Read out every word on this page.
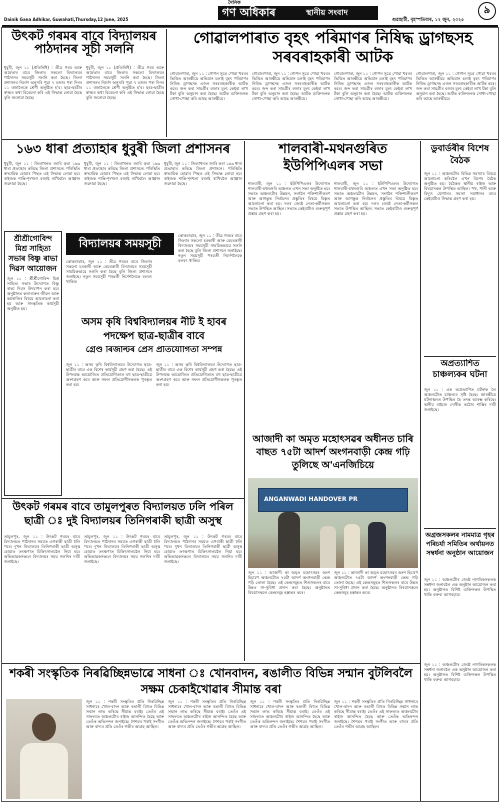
দৈনিক
গণ অধিকাৰ	স্থানীয় সংবাদ	৯
Dainik Gana Adhikar, Guwahati,Thursday,12 June, 2025	গুৱাহাটী, বৃহস্পতিবাৰ, ১২ জুন, ২০২৫
উৎকট গৰমৰ বাবে বিদ্যালয়ৰ পাঠদানৰ সূচী সলনি
ধুবুৰী, জুন ১১ (প্ৰতিনিধি) : তীব্ৰ গৰম আৰু আৰ্দ্ৰতাৰ বাবে জিলাৰ সকলো বিদ্যালয়ৰ পাঠদানৰ সময়সূচী সলনি কৰা হৈছে। জিলা প্ৰশাসনৰ নিৰ্দেশ অনুসৰি পুৱা ৭ বজাৰ পৰা দিনৰ ১১ বজালৈকে শ্ৰেণী অনুষ্ঠিত হ'ব। ছাত্ৰ-ছাত্ৰীৰ স্বাস্থ্যৰ কথা বিবেচনা কৰি এই সিদ্ধান্ত লোৱা হৈছে বুলি জনোৱা হৈছে।
ধুবুৰী, জুন ১১ (প্ৰতিনিধি) : তীব্ৰ গৰম আৰু আৰ্দ্ৰতাৰ বাবে জিলাৰ সকলো বিদ্যালয়ৰ পাঠদানৰ সময়সূচী সলনি কৰা হৈছে। জিলা প্ৰশাসনৰ নিৰ্দেশ অনুসৰি পুৱা ৭ বজাৰ পৰা দিনৰ ১১ বজালৈকে শ্ৰেণী অনুষ্ঠিত হ'ব। ছাত্ৰ-ছাত্ৰীৰ স্বাস্থ্যৰ কথা বিবেচনা কৰি এই সিদ্ধান্ত লোৱা হৈছে বুলি জনোৱা হৈছে।
গোৱালপাৰাত বৃহৎ পৰিমাণৰ নিষিদ্ধ ড্ৰাগছসহ সৰবৰাহকাৰী আটক
গোৱালপাৰা, জুন ১১ : গোপন সূত্ৰে পোৱা খবৰৰ ভিত্তিত আৰক্ষীয়ে অভিযান চলাই বৃহৎ পৰিমাণৰ নিষিদ্ধ ড্ৰাগছসহ এজন সৰবৰাহকাৰীক আটক কৰে। জব্দ কৰা সামগ্ৰীৰ বজাৰ মূল্য কেইবা লাখ টকা বুলি অনুমান কৰা হৈছে। আটক ব্যক্তিজনক সোধা-পোছা কৰি আছে আৰক্ষীয়ে।
গোৱালপাৰা, জুন ১১ : গোপন সূত্ৰে পোৱা খবৰৰ ভিত্তিত আৰক্ষীয়ে অভিযান চলাই বৃহৎ পৰিমাণৰ নিষিদ্ধ ড্ৰাগছসহ এজন সৰবৰাহকাৰীক আটক কৰে। জব্দ কৰা সামগ্ৰীৰ বজাৰ মূল্য কেইবা লাখ টকা বুলি অনুমান কৰা হৈছে। আটক ব্যক্তিজনক সোধা-পোছা কৰি আছে আৰক্ষীয়ে।
গোৱালপাৰা, জুন ১১ : গোপন সূত্ৰে পোৱা খবৰৰ ভিত্তিত আৰক্ষীয়ে অভিযান চলাই বৃহৎ পৰিমাণৰ নিষিদ্ধ ড্ৰাগছসহ এজন সৰবৰাহকাৰীক আটক কৰে। জব্দ কৰা সামগ্ৰীৰ বজাৰ মূল্য কেইবা লাখ টকা বুলি অনুমান কৰা হৈছে। আটক ব্যক্তিজনক সোধা-পোছা কৰি আছে আৰক্ষীয়ে।
গোৱালপাৰা, জুন ১১ : গোপন সূত্ৰে পোৱা খবৰৰ ভিত্তিত আৰক্ষীয়ে অভিযান চলাই বৃহৎ পৰিমাণৰ নিষিদ্ধ ড্ৰাগছসহ এজন সৰবৰাহকাৰীক আটক কৰে। জব্দ কৰা সামগ্ৰীৰ বজাৰ মূল্য কেইবা লাখ টকা বুলি অনুমান কৰা হৈছে। আটক ব্যক্তিজনক সোধা-পোছা কৰি আছে আৰক্ষীয়ে।
১৬৩ ধাৰা প্ৰত্যাহাৰ ধুবুৰী জিলা প্ৰশাসনৰ
ধুবুৰী, জুন ১১ : জিলাখনত জাৰি কৰা ১৬৩ ধাৰা প্ৰত্যাহাৰ কৰিছে জিলা প্ৰশাসনে। পৰিস্থিতি স্বাভাৱিক হোৱাৰ পিছত এই সিদ্ধান্ত লোৱা হয়। ৰাইজক শান্তি-শৃংখলা বজাই ৰাখিবলৈ আহ্বান জনোৱা হৈছে।
ধুবুৰী, জুন ১১ : জিলাখনত জাৰি কৰা ১৬৩ ধাৰা প্ৰত্যাহাৰ কৰিছে জিলা প্ৰশাসনে। পৰিস্থিতি স্বাভাৱিক হোৱাৰ পিছত এই সিদ্ধান্ত লোৱা হয়। ৰাইজক শান্তি-শৃংখলা বজাই ৰাখিবলৈ আহ্বান জনোৱা হৈছে।
ধুবুৰী, জুন ১১ : জিলাখনত জাৰি কৰা ১৬৩ ধাৰা প্ৰত্যাহাৰ কৰিছে জিলা প্ৰশাসনে। পৰিস্থিতি স্বাভাৱিক হোৱাৰ পিছত এই সিদ্ধান্ত লোৱা হয়। ৰাইজক শান্তি-শৃংখলা বজাই ৰাখিবলৈ আহ্বান জনোৱা হৈছে।
শালবাৰী-মথনগুৰিত ইউপিপিএলৰ সভা
শালবাৰী, জুন ১১ : ইউপিপিএলৰ উদ্যোগত শালবাৰী-মথনগুৰি অঞ্চলত এখন সভা অনুষ্ঠিত হয়। সভাত অঞ্চলটোৰ উন্নয়ন, সংগঠন শক্তিশালীকৰণ আৰু আগন্তুক নিৰ্বাচনৰ প্ৰস্তুতিৰ বিষয়ে বিস্তৃত আলোচনা কৰা হয়। দলৰ জ্যেষ্ঠ নেতা-কৰ্মীসকল সভাত উপস্থিত আছিল। সভাত কেইবাটাও গুৰুত্বপূৰ্ণ প্ৰস্তাৱ গ্ৰহণ কৰা হয়।
শালবাৰী, জুন ১১ : ইউপিপিএলৰ উদ্যোগত শালবাৰী-মথনগুৰি অঞ্চলত এখন সভা অনুষ্ঠিত হয়। সভাত অঞ্চলটোৰ উন্নয়ন, সংগঠন শক্তিশালীকৰণ আৰু আগন্তুক নিৰ্বাচনৰ প্ৰস্তুতিৰ বিষয়ে বিস্তৃত আলোচনা কৰা হয়। দলৰ জ্যেষ্ঠ নেতা-কৰ্মীসকল সভাত উপস্থিত আছিল। সভাত কেইবাটাও গুৰুত্বপূৰ্ণ প্ৰস্তাৱ গ্ৰহণ কৰা হয়।
ডুবাৰ্ডৰীৰ বিশেষ বৈঠক
জুন ১১ : অঞ্চলটোৰ বিভিন্ন সমস্যাৰ বিষয়ে আলোচনা কৰিবলৈ এখন বিশেষ বৈঠক অনুষ্ঠিত হয়। বৈঠকত স্থানীয় ৰাইজ আৰু বিষয়াসকল উপস্থিত আছিল। পথ, পানী আৰু বিদ্যুৎ যোগানৰ সমস্যা সমাধানৰ বাবে কেইবাটাও সিদ্ধান্ত গ্ৰহণ কৰা হয়।
শ্ৰীশ্ৰীগোবিন্দ মিশ্ৰ সাহিত্য সভাৰ বিষ্ণু ৰাভা দিৱস আয়োজন
জুন ১১ : শ্ৰীশ্ৰীগোবিন্দ মিশ্ৰ সাহিত্য সভাৰ উদ্যোগত বিষ্ণু ৰাভা দিৱস উদযাপন কৰা হয়। অনুষ্ঠানত কলাগুৰুৰ জীৱন আৰু কৰ্মৰাজিৰ বিষয়ে আলোচনা কৰা হয় আৰু সাংস্কৃতিক কাৰ্যসূচী অনুষ্ঠিত হয়।
বিদ্যালয়ৰ সময়সূচী
কোকৰাঝাৰ, জুন ১১ : তীব্ৰ গৰমৰ বাবে জিলাৰ সকলো চৰকাৰী আৰু বেচৰকাৰী বিদ্যালয়ৰ সময়সূচী সাময়িকভাৱে সলনি কৰা হৈছে বুলি জিলা প্ৰশাসনে জনাইছে। নতুন সময়সূচী পৰৱৰ্তী নিৰ্দেশলৈকে বলবৎ থাকিব।
কোকৰাঝাৰ, জুন ১১ : তীব্ৰ গৰমৰ বাবে জিলাৰ সকলো চৰকাৰী আৰু বেচৰকাৰী বিদ্যালয়ৰ সময়সূচী সাময়িকভাৱে সলনি কৰা হৈছে বুলি জিলা প্ৰশাসনে জনাইছে। নতুন সময়সূচী পৰৱৰ্তী নিৰ্দেশলৈকে বলবৎ থাকিব।
অসম কৃষি বিশ্ববিদ্যালয়ৰ নীট ই হাবৰ পদক্ষেপ ছাত্ৰ-ছাত্ৰীৰ বাবে
গ্ৰেণ্ড ৰিজাল্টৰ প্ৰেস প্ৰতিযোগিতা সম্পন্ন
জুন ১১ : অসম কৃষি বিশ্ববিদ্যালয়ৰ উদ্যোগত ছাত্ৰ-ছাত্ৰীৰ বাবে এক বিশেষ কাৰ্যসূচী গ্ৰহণ কৰা হৈছে। এই উপলক্ষে আয়োজিত প্ৰতিযোগিতাত বহু ছাত্ৰ-ছাত্ৰীয়ে অংশগ্ৰহণ কৰে আৰু সফল প্ৰতিযোগীসকলক পুৰস্কৃত কৰা হয়।
জুন ১১ : অসম কৃষি বিশ্ববিদ্যালয়ৰ উদ্যোগত ছাত্ৰ-ছাত্ৰীৰ বাবে এক বিশেষ কাৰ্যসূচী গ্ৰহণ কৰা হৈছে। এই উপলক্ষে আয়োজিত প্ৰতিযোগিতাত বহু ছাত্ৰ-ছাত্ৰীয়ে অংশগ্ৰহণ কৰে আৰু সফল প্ৰতিযোগীসকলক পুৰস্কৃত কৰা হয়।
আজাদী কা অমৃত মহোৎসৱৰ অধীনত চাৰি বাছত ৭৫টা আদৰ্শ অংগনবাড়ী কেন্দ্ৰ গঢ়ি তুলিছে অ'এনজিচিয়ে
ANGANWADI HANDOVER PR
জুন ১১ : আজাদী কা অমৃত মহোৎসৱৰ অংশ হিচাপে অঞ্চলটোত ৭৫টা আদৰ্শ অংগনবাড়ী কেন্দ্ৰ গঢ়ি তোলা হৈছে। এই কেন্দ্ৰসমূহত শিশুসকলৰ বাবে উন্নত সা-সুবিধা প্ৰদান কৰা হৈছে। অনুষ্ঠানত বিষয়াসকলে কেন্দ্ৰসমূহ হস্তান্তৰ কৰে।
জুন ১১ : আজাদী কা অমৃত মহোৎসৱৰ অংশ হিচাপে অঞ্চলটোত ৭৫টা আদৰ্শ অংগনবাড়ী কেন্দ্ৰ গঢ়ি তোলা হৈছে। এই কেন্দ্ৰসমূহত শিশুসকলৰ বাবে উন্নত সা-সুবিধা প্ৰদান কৰা হৈছে। অনুষ্ঠানত বিষয়াসকলে কেন্দ্ৰসমূহ হস্তান্তৰ কৰে।
অপ্ৰত্যাশিত চাঞ্চল্যকৰ ঘটনা
জুন ১১ : এক অপ্ৰত্যাশিত ঘটনাক লৈ অঞ্চলটোত চাঞ্চল্যৰ সৃষ্টি হৈছে। আৰক্ষীয়ে ঘটনাস্থলত উপস্থিত হৈ তদন্ত আৰম্ভ কৰিছে। স্থানীয় ৰাইজে দোষীক কঠোৰ শাস্তিৰ দাবী জনাইছে।
উৎকট গৰমৰ বাবে তামুলপুৰত বিদ্যালয়ত ঢলি পৰিল ছাত্ৰী ঃ দুই বিদ্যালয়ৰ তিনিগৰাকী ছাত্ৰী অসুস্থ
তামুলপুৰ, জুন ১১ : উৎকট গৰমৰ বাবে বিদ্যালয়ত পাঠদানৰ সময়ত এগৰাকী ছাত্ৰী ঢলি পৰে। দুখন বিদ্যালয়ৰ তিনিগৰাকী ছাত্ৰী অসুস্থ হোৱাত তৎক্ষণাত চিকিৎসালয়লৈ নিয়া হয়। অভিভাৱকসকলে বিদ্যালয়ৰ সময় সলনিৰ দাবী জনাইছে।
তামুলপুৰ, জুন ১১ : উৎকট গৰমৰ বাবে বিদ্যালয়ত পাঠদানৰ সময়ত এগৰাকী ছাত্ৰী ঢলি পৰে। দুখন বিদ্যালয়ৰ তিনিগৰাকী ছাত্ৰী অসুস্থ হোৱাত তৎক্ষণাত চিকিৎসালয়লৈ নিয়া হয়। অভিভাৱকসকলে বিদ্যালয়ৰ সময় সলনিৰ দাবী জনাইছে।
তামুলপুৰ, জুন ১১ : উৎকট গৰমৰ বাবে বিদ্যালয়ত পাঠদানৰ সময়ত এগৰাকী ছাত্ৰী ঢলি পৰে। দুখন বিদ্যালয়ৰ তিনিগৰাকী ছাত্ৰী অসুস্থ হোৱাত তৎক্ষণাত চিকিৎসালয়লৈ নিয়া হয়। অভিভাৱকসকলে বিদ্যালয়ৰ সময় সলনিৰ দাবী জনাইছে।
অগ্ৰজসকলৰ নামমাত্ৰ গৃহৰ পৰিচৰ্যা সমিতিৰ অৰ্থায়নত সম্বৰ্ধনা অনুষ্ঠান আয়োজন
জুন ১১ : অঞ্চলটোৰ জ্যেষ্ঠ নাগৰিকসকলক সম্বৰ্ধনা জনাবলৈ এক অনুষ্ঠান আয়োজন কৰা হয়। অনুষ্ঠানত বিশিষ্ট ব্যক্তিসকল উপস্থিত থাকি বক্তব্য আগবঢ়ায়।
শকৰী সংস্কৃতিক নিৰৱিচ্ছিন্নভাৱে সাধনা ঃ খোনবাদন, ৰঙালীত বিভিন্ন সন্মান বুটলিবলৈ সক্ষম চেকাইখোৱাৰ সীমান্ত বৰা
জুন ১১ : শকৰী সংস্কৃতিৰ প্ৰতি নিৰৱিচ্ছিন্ন সাধনাৰে খোল-বাদন আৰু ৰঙালী বিহুত বিভিন্ন সন্মান লাভ কৰিছে সীমান্ত বৰাই। তেওঁৰ এই সাফল্যত অঞ্চলটোৰ ৰাইজ আনন্দিত হৈছে আৰু তেওঁক অভিনন্দন জনাইছে। শৈশৱৰ পৰাই সংগীত আৰু বাদ্যৰ প্ৰতি তেওঁৰ গভীৰ আগ্ৰহ আছিল।
জুন ১১ : শকৰী সংস্কৃতিৰ প্ৰতি নিৰৱিচ্ছিন্ন সাধনাৰে খোল-বাদন আৰু ৰঙালী বিহুত বিভিন্ন সন্মান লাভ কৰিছে সীমান্ত বৰাই। তেওঁৰ এই সাফল্যত অঞ্চলটোৰ ৰাইজ আনন্দিত হৈছে আৰু তেওঁক অভিনন্দন জনাইছে। শৈশৱৰ পৰাই সংগীত আৰু বাদ্যৰ প্ৰতি তেওঁৰ গভীৰ আগ্ৰহ আছিল।
জুন ১১ : শকৰী সংস্কৃতিৰ প্ৰতি নিৰৱিচ্ছিন্ন সাধনাৰে খোল-বাদন আৰু ৰঙালী বিহুত বিভিন্ন সন্মান লাভ কৰিছে সীমান্ত বৰাই। তেওঁৰ এই সাফল্যত অঞ্চলটোৰ ৰাইজ আনন্দিত হৈছে আৰু তেওঁক অভিনন্দন জনাইছে। শৈশৱৰ পৰাই সংগীত আৰু বাদ্যৰ প্ৰতি তেওঁৰ গভীৰ আগ্ৰহ আছিল।
জুন ১১ : শকৰী সংস্কৃতিৰ প্ৰতি নিৰৱিচ্ছিন্ন সাধনাৰে খোল-বাদন আৰু ৰঙালী বিহুত বিভিন্ন সন্মান লাভ কৰিছে সীমান্ত বৰাই। তেওঁৰ এই সাফল্যত অঞ্চলটোৰ ৰাইজ আনন্দিত হৈছে আৰু তেওঁক অভিনন্দন জনাইছে। শৈশৱৰ পৰাই সংগীত আৰু বাদ্যৰ প্ৰতি তেওঁৰ গভীৰ আগ্ৰহ আছিল।
জুন ১১ : অঞ্চলটোৰ জ্যেষ্ঠ নাগৰিকসকলক সম্বৰ্ধনা জনাবলৈ এক অনুষ্ঠান আয়োজন কৰা হয়। অনুষ্ঠানত বিশিষ্ট ব্যক্তিসকল উপস্থিত থাকি বক্তব্য আগবঢ়ায়।
